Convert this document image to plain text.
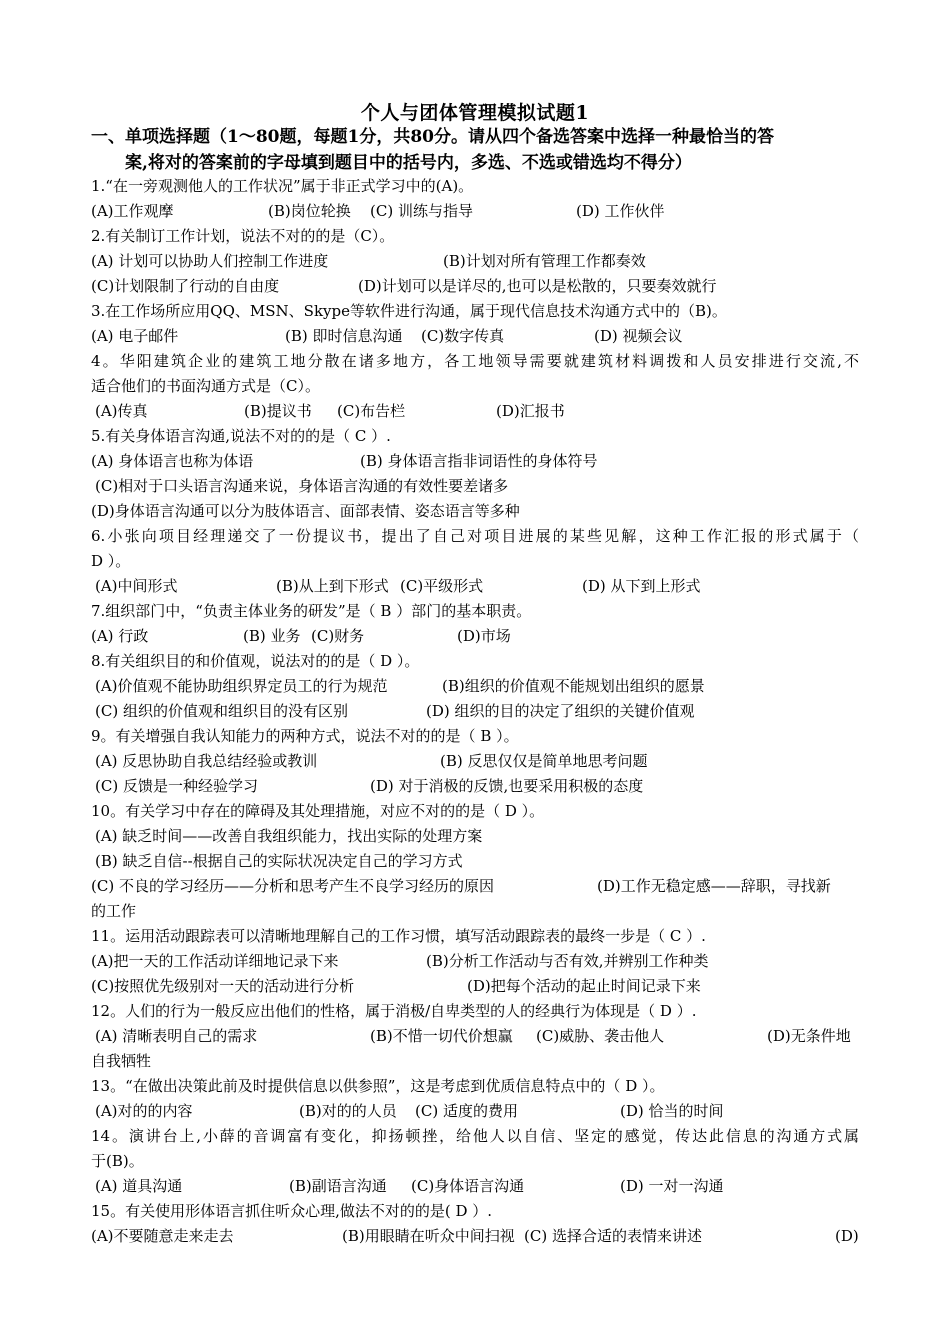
个人与团体管理模拟试题1
一、单项选择题（1～80题，每题1分，共80分。请从四个备选答案中选择一种最恰当的答
案,将对的答案前的字母填到题目中的括号内，多选、不选或错选均不得分）
1.“在一旁观测他人的工作状况”属于非正式学习中的(A)。
(A)工作观摩	(B)岗位轮换 (C) 训练与指导	(D) 工作伙伴
2.有关制订工作计划，说法不对的的是（C）。
(A) 计划可以协助人们控制工作进度	(B)计划对所有管理工作都奏效
(C)计划限制了行动的自由度	(D)计划可以是详尽的,也可以是松散的，只要奏效就行
3.在工作场所应用QQ、MSN、Skype等软件进行沟通，属于现代信息技术沟通方式中的（B)。
(A) 电子邮件	(B) 即时信息沟通 (C)数字传真	(D) 视频会议
4。华阳建筑企业的建筑工地分散在诸多地方，各工地领导需要就建筑材料调拨和人员安排进行交流,不
适合他们的书面沟通方式是（C）。
(A)传真	(B)提议书 (C)布告栏	(D)汇报书
5.有关身体语言沟通,说法不对的的是（ C ）.
(A) 身体语言也称为体语	(B) 身体语言指非词语性的身体符号
(C)相对于口头语言沟通来说，身体语言沟通的有效性要差诸多
(D)身体语言沟通可以分为肢体语言、面部表情、姿态语言等多种
6.小张向项目经理递交了一份提议书，提出了自己对项目进展的某些见解，这种工作汇报的形式属于（
D ）。
(A)中间形式	(B)从上到下形式 (C)平级形式	(D) 从下到上形式
7.组织部门中，“负责主体业务的研发”是（ B ）部门的基本职责。
(A) 行政	(B) 业务 (C)财务	(D)市场
8.有关组织目的和价值观，说法对的的是（ D ）。
(A)价值观不能协助组织界定员工的行为规范	(B)组织的价值观不能规划出组织的愿景
(C) 组织的价值观和组织目的没有区别	(D) 组织的目的决定了组织的关键价值观
9。有关增强自我认知能力的两种方式，说法不对的的是（ B ）。
(A) 反思协助自我总结经验或教训	(B) 反思仅仅是简单地思考问题
(C) 反馈是一种经验学习	(D) 对于消极的反馈,也要采用积极的态度
10。有关学习中存在的障碍及其处理措施，对应不对的的是（ D ）。
(A) 缺乏时间——改善自我组织能力，找出实际的处理方案
(B) 缺乏自信--根据自己的实际状况决定自己的学习方式
(C) 不良的学习经历——分析和思考产生不良学习经历的原因	(D)工作无稳定感——辞职，寻找新
的工作
11。运用活动跟踪表可以清晰地理解自己的工作习惯，填写活动跟踪表的最终一步是（ C ）.
(A)把一天的工作活动详细地记录下来	(B)分析工作活动与否有效,并辨别工作种类
(C)按照优先级别对一天的活动进行分析	(D)把每个活动的起止时间记录下来
12。人们的行为一般反应出他们的性格，属于消极/自卑类型的人的经典行为体现是（ D ）.
(A) 清晰表明自己的需求	(B)不惜一切代价想赢 (C)威胁、袭击他人	(D)无条件地
自我牺牲
13。“在做出决策此前及时提供信息以供参照”，这是考虑到优质信息特点中的（ D ）。
(A)对的的内容	(B)对的的人员 (C) 适度的费用	(D) 恰当的时间
14。演讲台上,小薛的音调富有变化，抑扬顿挫，给他人以自信、坚定的感觉，传达此信息的沟通方式属
于(B)。
(A) 道具沟通	(B)副语言沟通 (C)身体语言沟通	(D) 一对一沟通
15。有关使用形体语言抓住听众心理,做法不对的的是( D ）.
(A)不要随意走来走去	(B)用眼睛在听众中间扫视 (C) 选择合适的表情来讲述	(D)
